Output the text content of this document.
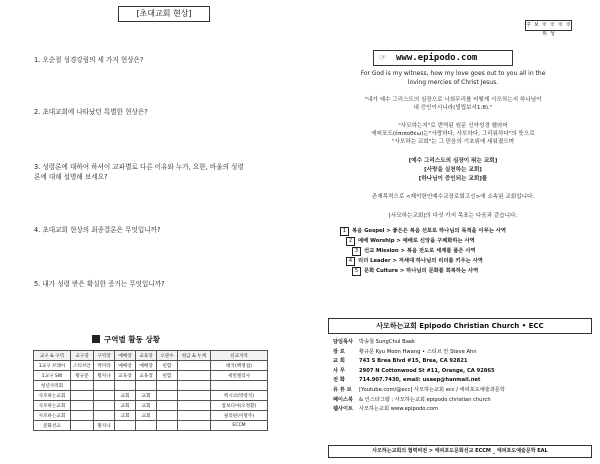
[초대교회 현상]
1. 오순절 성경강림의 세 가지 현상은?
2. 초대교회에 나타났던 특별한 현상은?
3. 성령론에 대하여 하셔이 교파별로 다른 이유와 누가, 요한, 바울의 성령
론에 대해 설명해 보세요?
4. 초대교회 현상의 최종결론은 무엇입니까?
5. 내가 성령 받은 확실한 증거는 무엇입니까?
구역별 활동 상황
교구 & 구역	교구장	구역장	예배장	교육장	오관수	헌금 & 누계	선교지역
1교구 브레아	스티브안	박미라	예배장	예배장	헌합		태국(백명섭)
1교구 SW	황규문	황지나	교육장	교육장	헌합		세빈엘리사
청년사역회							
사모하는교회			교회	교회			멕시코(박영석)
사모하는교회			교회	교회			캄보디아(오정환)
사모하는교회			교회	교회			필리핀(이명주)
문화선교		황지나					ECCM
주 보 ※ ※ ※ ※ 위 성
☞ www.epipodo.com
For God is my witness, how my love goes out to you all in the
loving mercies of Christ Jesus.
"내가 예수 그리스도의 심장으로 너희무리를 어떻게 사모하는지 하나님이
내 증인이시니라(빌립보서1:8)."
"사모하는지"로 번역된 원문 신약성경 헬라어
에피포도(ἐπιποθέω)는"사랑하다, 사모하다, 그리워하다"의 뜻으로
"사모하는 교회"는 그 믿음의 기초위에 세워졌으며
[예수 그리스도의 심장이 뛰는 교회]
[사랑을 실천하는 교회]
[하나님이 증인되는 교회]를
존재목적으로 <제이한인예수교장로회고신>에 소속된 교회입니다.
[사모하는교회]의 다섯 가지 목표는 다음과 같습니다.
1 복음 Gospel > 좋은은 복음 선포로 하나님의 목적을 이루는 사역
2 예배 Worship > 예배로 신앙을 구체화하는 사역
3 선교 Mission > 복음 전도로 세계를 품은 사역
4 리더 Leader > 저세대 하나님의 리더를 키우는 사역
5 문화 Culture > 하나님의 문화를 회복하는 사역
사모하는교회 Epipodo Christian Church • ECC
담임목사 박송철 SungChul Baek
장 로	황규문 Kyu Moon Hwang • 스티브 안 Steve Ahn
교 회	743 S Brea Blvd #15, Brea, CA 92821
사 무	2907 N Cottonwood St #11, Orange, CA 92865
전 화	714.907.7430, email: usaep@hanmail.net
유 튜 브 [Youtube.com/@ecc] 사모하는교회 ecc / 에피포도예술과문학
페이스북 & 인스타그램 : 사모하는교회 epipodo christian church
웹사이트 사모하는교회 www.epipodo.com
사모하는교회의 협력비전 > 에피포도문화선교 ECCM _ 에피포도예술문학 EAL
